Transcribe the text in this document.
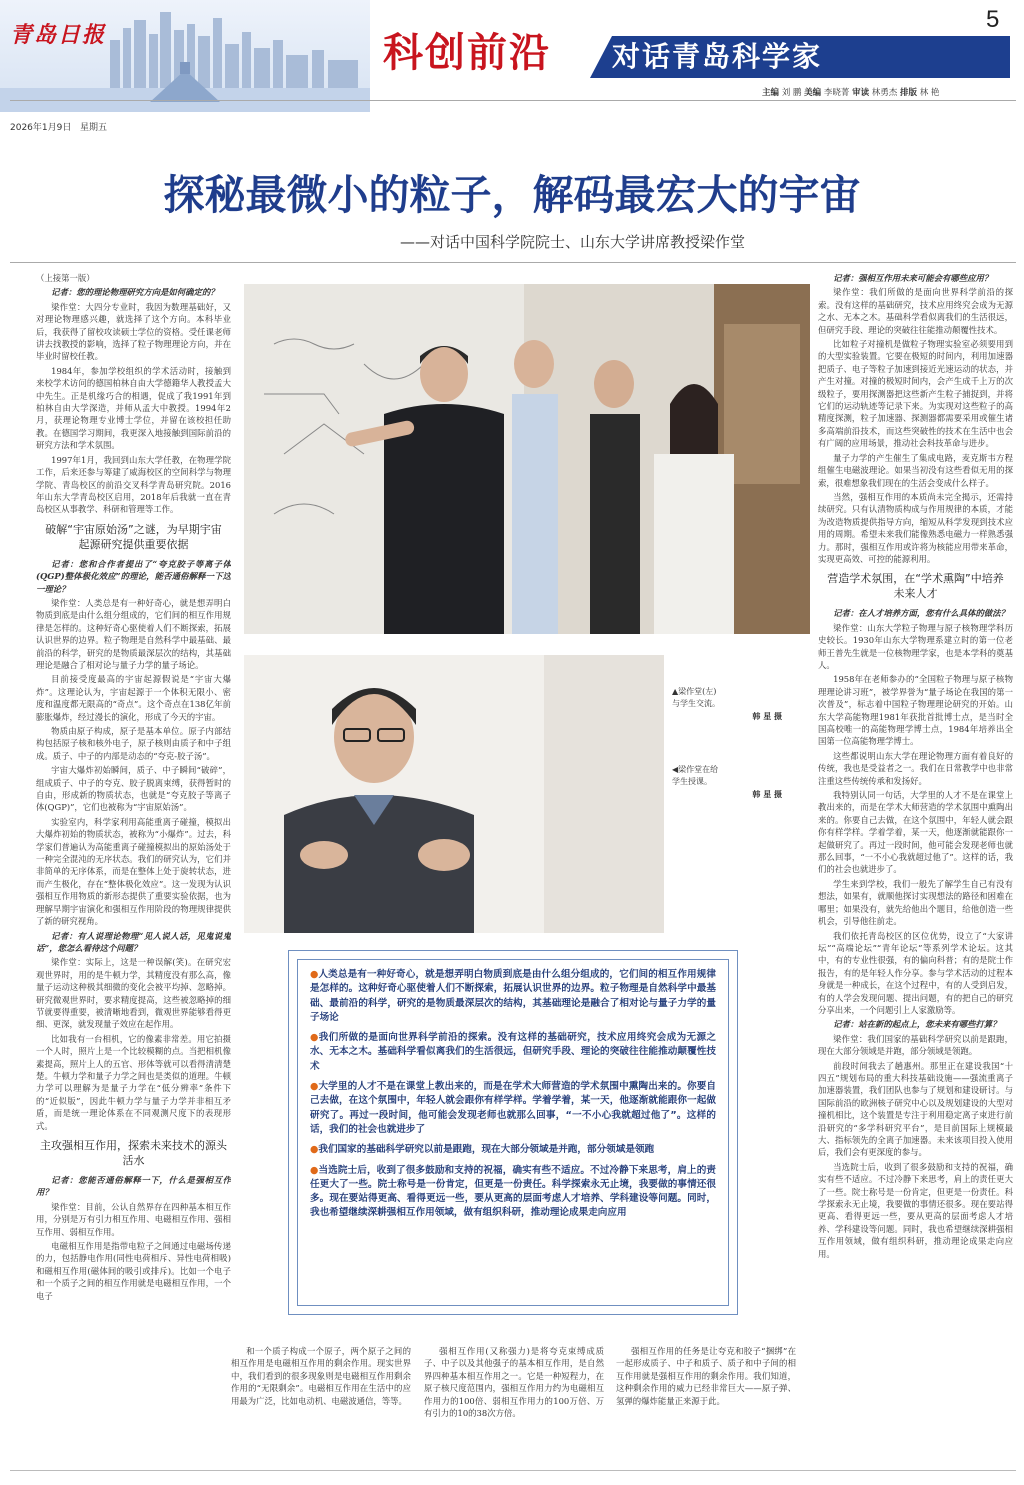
青岛日报
5
科创前沿 对话青岛科学家
主编 刘 鹏 美编 李晓菁 审读 林勇杰 排版 林 艳
2026年1月9日 星期五
探秘最微小的粒子，解码最宏大的宇宙
——对话中国科学院院士、山东大学讲席教授梁作堂

（上接第一版）

记者：您的理论物理研究方向是如何确定的？

梁作堂：大四分专业时，我因为数理基础好，又对理论物理感兴趣，就选择了这个方向。本科毕业后，我获得了留校攻读硕士学位的资格。受任课老师讲去找教授的影响，选择了粒子物理理论方向，并在毕业时留校任教。

1984年，参加学校组织的学术活动时，接触到来校学术访问的德国柏林自由大学德籍华人教授孟大中先生。正是机缘巧合的相遇，促成了我1991年到柏林自由大学深造，并师从孟大中教授。1994年2月，获理论物理专业博士学位，并留在该校担任助教。在德国学习期间，我更深入地接触到国际前沿的研究方法和学术氛围。

1997年1月，我回到山东大学任教，在物理学院工作，后来还参与筹建了威海校区的空间科学与物理学院、青岛校区的前沿交叉科学青岛研究院。2016年山东大学青岛校区启用，2018年后我就一直在青岛校区从事教学、科研和管理等工作。

破解“宇宙原始汤”之谜，为早期宇宙起源研究提供重要依据

记者：您和合作者提出了“夸克胶子等离子体(QGP)整体极化效应”的理论，能否通俗解释一下这一理论？

梁作堂：人类总是有一种好奇心，就是想弄明白物质到底是由什么组分组成的，它们间的相互作用规律是怎样的。这种好奇心驱使着人们不断探索，拓展认识世界的边界。粒子物理是自然科学中最基础、最前沿的科学，研究的是物质最深层次的结构，其基础理论是融合了相对论与量子力学的量子场论。

目前接受度最高的宇宙起源假说是“宇宙大爆炸”。这理论认为，宇宙起源于一个体积无限小、密度和温度都无限高的“奇点”。这个奇点在138亿年前膨胀爆炸，经过漫长的演化，形成了今天的宇宙。

物质由原子构成，原子是基本单位。原子内部结构包括原子核和核外电子，原子核则由质子和中子组成。质子、中子的内部是动态的“夸克-胶子汤”。

宇宙大爆炸初始瞬间，质子、中子瞬间“破碎”，组成质子、中子的夸克、胶子脱离束缚，获得暂时的自由，形成新的物质状态，也就是“夸克胶子等离子体(QGP)”，它们也被称为“宇宙原始汤”。

实验室内，科学家利用高能重离子碰撞，模拟出大爆炸初始的物质状态，被称为“小爆炸”。过去，科学家们普遍认为高能重离子碰撞模拟出的原始汤处于一种完全混沌的无序状态。我们的研究认为，它们并非简单的无序体系，而是在整体上处于旋转状态，进而产生极化，存在“整体极化效应”。这一发现为认识强相互作用物质的新形态提供了重要实验依据，也为理解早期宇宙演化和强相互作用阶段的物理规律提供了新的研究视角。

记者：有人说理论物理“见人说人话，见鬼说鬼话”，您怎么看待这个问题？

梁作堂：实际上，这是一种误解(笑)。在研究宏观世界时，用的是牛顿力学，其精度没有那么高，像量子运动这种极其细微的变化会被平均掉、忽略掉。研究微观世界时，要求精度提高，这些被忽略掉的细节就要得重要，被清晰地看到，微观世界能够看得更细、更深，就发现量子效应在起作用。

比如我有一台相机，它的像素非常差。用它拍摄一个人时，照片上是一个比较模糊的点。当把相机像素提高，照片上人的五官、形体等就可以看得清清楚楚。牛顿力学和量子力学之间也是类似的道理。牛顿力学可以理解为是量子力学在“低分辨率”条件下的“近似版”，因此牛顿力学与量子力学并非相互矛盾，而是统一理论体系在不同观测尺度下的表现形式。

主攻强相互作用，探索未来技术的源头活水

记者：您能否通俗解释一下，什么是强相互作用？

梁作堂：目前，公认自然界存在四种基本相互作用，分别是万有引力相互作用、电磁相互作用、强相互作用、弱相互作用。

电磁相互作用是指带电粒子之间通过电磁场传递的力，包括静电作用(同性电荷相斥、异性电荷相吸)和磁相互作用(磁体间的吸引或排斥)。比如一个电子和一个质子之间的相互作用就是电磁相互作用，一个电子

▲梁作堂(左)
与学生交流。
韩 星 摄
◀梁作堂在给
学生授课。
韩 星 摄
●人类总是有一种好奇心，就是想弄明白物质到底是由什么组分组成的，它们间的相互作用规律是怎样的。这种好奇心驱使着人们不断探索，拓展认识世界的边界。粒子物理是自然科学中最基础、最前沿的科学，研究的是物质最深层次的结构，其基础理论是融合了相对论与量子力学的量子场论
●我们所做的是面向世界科学前沿的探索。没有这样的基础研究，技术应用终究会成为无源之水、无本之木。基础科学看似离我们的生活很远，但研究手段、理论的突破往往能推动颠覆性技术
●大学里的人才不是在课堂上教出来的，而是在学术大师营造的学术氛围中熏陶出来的。你要自己去做，在这个氛围中，年轻人就会跟你有样学样。学着学着，某一天，他逐渐就能跟你一起做研究了。再过一段时间，他可能会发现老师也就那么回事，“一不小心我就超过他了”。这样的话，我们的社会也就进步了
●我们国家的基础科学研究以前是跟跑，现在大部分领域是并跑，部分领域是领跑
●当选院士后，收到了很多鼓励和支持的祝福，确实有些不适应。不过冷静下来思考，肩上的责任更大了一些。院士称号是一份肯定，但更是一份责任。科学探索永无止境，我要做的事情还很多。现在要站得更高、看得更远一些，要从更高的层面考虑人才培养、学科建设等问题。同时，我也希望继续深耕强相互作用领域，做有组织科研，推动理论成果走向应用

和一个质子构成一个原子，两个原子之间的相互作用是电磁相互作用的剩余作用。现实世界中，我们看到的很多现象则是电磁相互作用剩余作用的“无限剩余”。电磁相互作用在生活中的应用最为广泛，比如电动机、电磁波通信，等等。

强相互作用(又称强力)是将夸克束缚成质子、中子以及其他强子的基本相互作用，是自然界四种基本相互作用之一。它是一种短程力，在原子核尺度范围内，强相互作用力约为电磁相互作用力的100倍、弱相互作用力的100万倍、万有引力的10的38次方倍。

强相互作用的任务是让夸克和胶子“捆绑”在一起形成质子、中子和质子、质子和中子间的相互作用就是强相互作用的剩余作用。我们知道，这种剩余作用的威力已经非常巨大——原子弹、氢弹的爆炸能量正来源于此。

记者：强相互作用未来可能会有哪些应用？

梁作堂：我们所做的是面向世界科学前沿的探索。没有这样的基础研究，技术应用终究会成为无源之水、无本之木。基础科学看似离我们的生活很远，但研究手段、理论的突破往往能推动颠覆性技术。

比如粒子对撞机是做粒子物理实验室必须要用到的大型实验装置。它要在极短的时间内，利用加速器把质子、电子等粒子加速到接近光速运动的状态，并产生对撞。对撞的极短时间内，会产生成千上万的次级粒子，要用探测器把这些新产生粒子捕捉到，并将它们的运动轨迹等记录下来。为实现对这些粒子的高精度探测，粒子加速器、探测器都需要采用或催生诸多高端前沿技术，而这些突破性的技术在生活中也会有广阔的应用场景，推动社会科技革命与进步。

量子力学的产生催生了集成电路，麦克斯韦方程组催生电磁波理论。如果当初没有这些看似无用的探索，很难想象我们现在的生活会变成什么样子。

当然，强相互作用的本质尚未完全揭示，还需持续研究。只有认清物质构成与作用规律的本质，才能为改造物质提供指导方向，缩短从科学发现到技术应用的周期。希望未来我们能像熟悉电磁力一样熟悉强力。那时，强相互作用或许将为核能应用带来革命，实现更高效、可控的能源利用。

营造学术氛围，在“学术熏陶”中培养未来人才

记者：在人才培养方面，您有什么具体的做法？

梁作堂：山东大学粒子物理与原子核物理学科历史较长。1930年山东大学物理系建立时的第一位老师王普先生就是一位核物理学家，也是本学科的奠基人。

1958年在老师参办的“全国粒子物理与原子核物理理论讲习班”，被学界誉为“量子场论在我国的第一次普及”，标志着中国粒子物理理论研究的开始。山东大学高能物理1981年获批首批博士点，是当时全国高校唯一的高能物理学博士点，1984年培养出全国第一位高能物理学博士。

这些都说明山东大学在理论物理方面有着良好的传统，我也是受益者之一。我们在日常教学中也非常注重这些传统传承和发扬好。

我特别认同一句话，大学里的人才不是在课堂上教出来的，而是在学术大师营造的学术氛围中熏陶出来的。你要自己去做，在这个氛围中，年轻人就会跟你有样学样。学着学着，某一天，他逐渐就能跟你一起做研究了。再过一段时间，他可能会发现老师也就那么回事，“一不小心我就超过他了”。这样的话，我们的社会也就进步了。

学生来到学校，我们一般先了解学生自己有没有想法，如果有，就顺他探讨实现想法的路径和困难在哪里；如果没有，就先给他出个题目，给他创造一些机会，引导他往前走。

我们依托青岛校区的区位优势，设立了“大家讲坛”“高端论坛”“青年论坛”等系列学术论坛。这其中，有的专业性很强，有的偏向科普；有的是院士作报告，有的是年轻人作分享。参与学术活动的过程本身就是一种成长，在这个过程中，有的人受到启发，有的人学会发现问题、提出问题，有的把自己的研究分享出来，一个问题引上人家激励等。

记者：站在新的起点上，您未来有哪些打算？

梁作堂：我们国家的基础科学研究以前是跟跑，现在大部分领域是并跑，部分领域是领跑。

前段时间我去了趟惠州。那里正在建设我国“十四五”规划布局的重大科技基础设施——强流重离子加速器装置，我们团队也参与了规划和建设研讨。与国际前沿的欧洲核子研究中心以及规划建设的大型对撞机相比，这个装置是专注于利用稳定离子束进行前沿研究的“多学科研究平台”，是目前国际上规模最大、指标领先的全离子加速器。未来该项目投入使用后，我们会有更深度的参与。

当选院士后，收到了很多鼓励和支持的祝福，确实有些不适应。不过冷静下来思考，肩上的责任更大了一些。院士称号是一份肯定，但更是一份责任。科学探索永无止境，我要做的事情还很多。现在要站得更高、看得更远一些，要从更高的层面考虑人才培养、学科建设等问题。同时，我也希望继续深耕强相互作用领域，做有组织科研，推动理论成果走向应用。
